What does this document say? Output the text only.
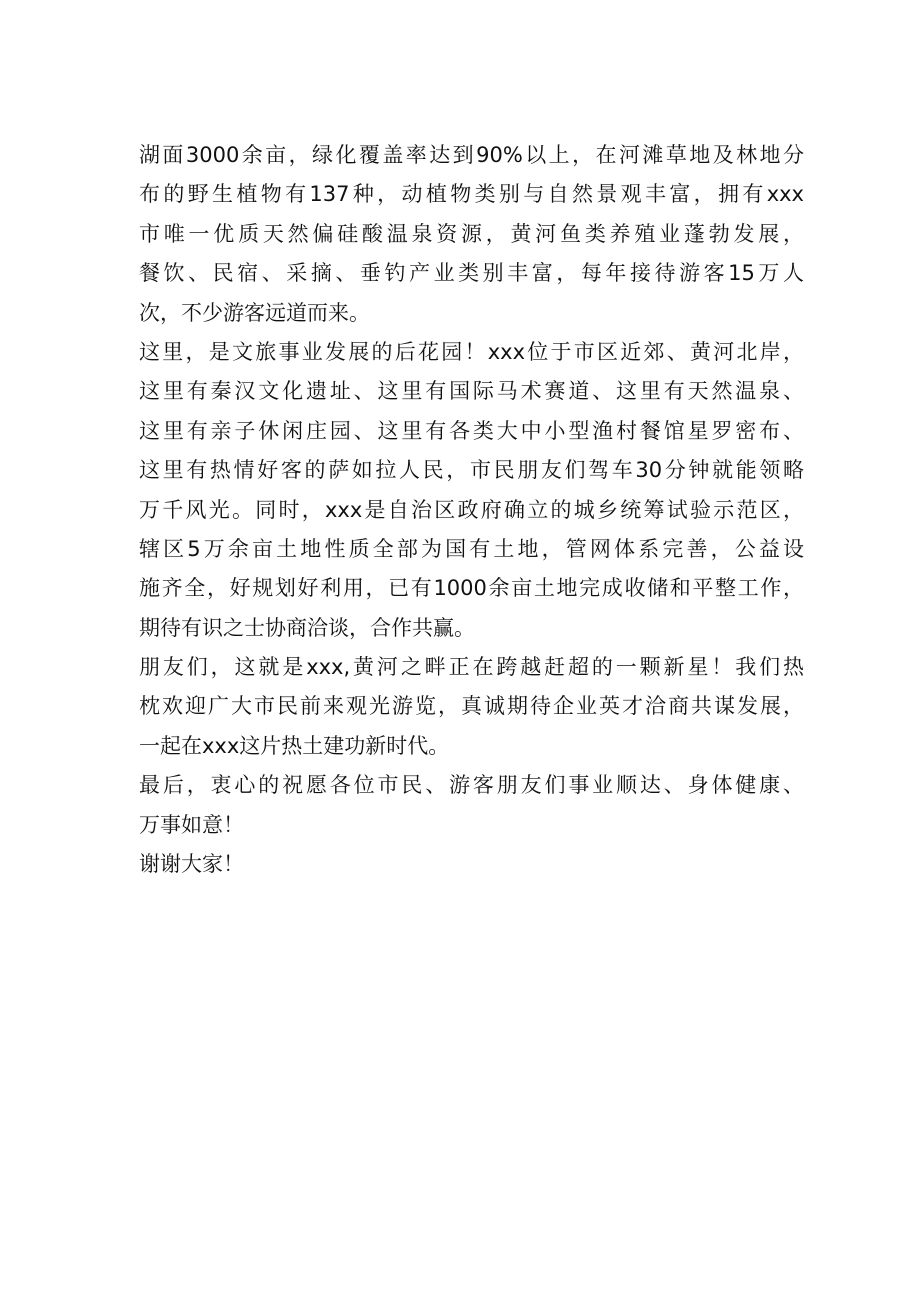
湖面3000余亩，绿化覆盖率达到90%以上，在河滩草地及林地分
布的野生植物有137种，动植物类别与自然景观丰富，拥有xxx
市唯一优质天然偏硅酸温泉资源，黄河鱼类养殖业蓬勃发展，
餐饮、民宿、采摘、垂钓产业类别丰富，每年接待游客15万人
次，不少游客远道而来。
这里，是文旅事业发展的后花园！xxx位于市区近郊、黄河北岸，
这里有秦汉文化遗址、这里有国际马术赛道、这里有天然温泉、
这里有亲子休闲庄园、这里有各类大中小型渔村餐馆星罗密布、
这里有热情好客的萨如拉人民，市民朋友们驾车30分钟就能领略
万千风光。同时，xxx是自治区政府确立的城乡统筹试验示范区，
辖区5万余亩土地性质全部为国有土地，管网体系完善，公益设
施齐全，好规划好利用，已有1000余亩土地完成收储和平整工作，
期待有识之士协商洽谈，合作共赢。
朋友们，这就是xxx,黄河之畔正在跨越赶超的一颗新星！我们热
枕欢迎广大市民前来观光游览，真诚期待企业英才洽商共谋发展，
一起在xxx这片热土建功新时代。
最后，衷心的祝愿各位市民、游客朋友们事业顺达、身体健康、
万事如意！
谢谢大家！
